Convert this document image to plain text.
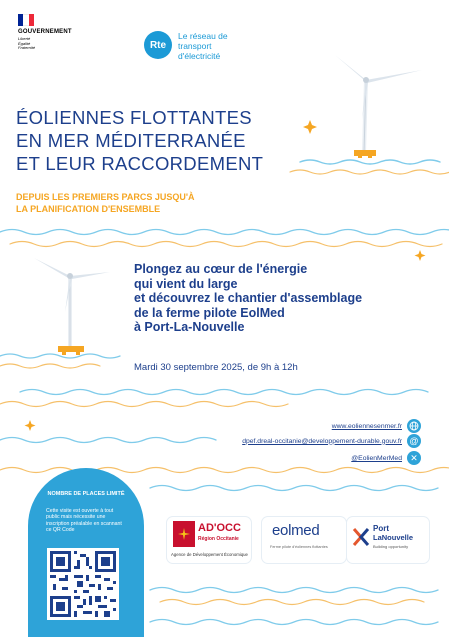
GOUVERNEMENT
Liberté
Égalité
Fraternité	Rte
Le réseau de transport d'électricité
ÉOLIENNES FLOTTANTES
EN MER MÉDITERRANÉE
ET LEUR RACCORDEMENT
DEPUIS LES PREMIERS PARCS JUSQU'À
LA PLANIFICATION D'ENSEMBLE
Plongez au cœur de l'énergie
qui vient du large
et découvrez le chantier d'assemblage
de la ferme pilote EolMed
à Port-La-Nouvelle
Mardi 30 septembre 2025, de 9h à 12h
www.eoliennesenmer.fr
dpef.dreal-occitanie@developpement-durable.gouv.fr @
@EolienMerMed ✕
NOMBRE DE PLACES LIMITÉ
Cette visite est ouverte à tout public mais nécessite une inscription préalable en scannant ce QR Code	AD'OCC
Région Occitanie
Agence de Développement Économique
eolmed
Ferme pilote d'éoliennes flottantes
Port
LaNouvelle
Building opportunity
